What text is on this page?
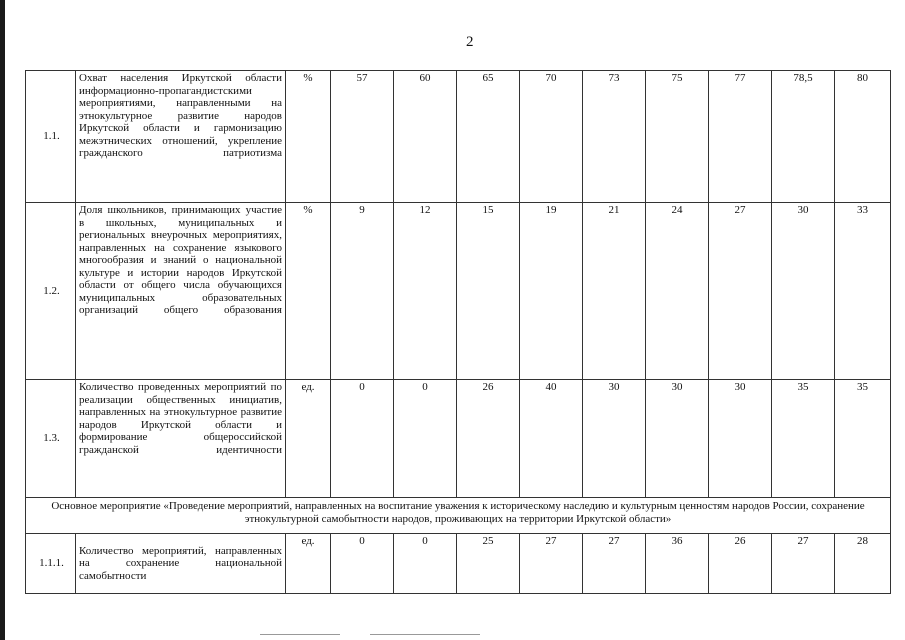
2
1.1.	Охват населения Иркутской области информационно-пропагандистскими мероприятиями, направленными на этнокультурное развитие народов Иркутской области и гармонизацию межэтнических отношений, укрепление гражданского патриотизма	%	57	60	65	70	73	75	77	78,5	80
1.2.	Доля школьников, принимающих участие в школьных, муниципальных и региональных внеурочных мероприятиях, направленных на сохранение языкового многообразия и знаний о национальной культуре и истории народов Иркутской области от общего числа обучающихся муниципальных образовательных организаций общего образования	%	9	12	15	19	21	24	27	30	33
1.3.	Количество проведенных мероприятий по реализации общественных инициатив, направленных на этнокультурное развитие народов Иркутской области и формирование общероссийской гражданской идентичности	ед.	0	0	26	40	30	30	30	35	35
Основное мероприятие «Проведение мероприятий, направленных на воспитание уважения к историческому наследию и культурным ценностям народов России, сохранение этнокультурной самобытности народов, проживающих на территории Иркутской области»											
1.1.1.	Количество мероприятий, направленных на сохранение национальной самобытности	ед.	0	0	25	27	27	36	26	27	28
